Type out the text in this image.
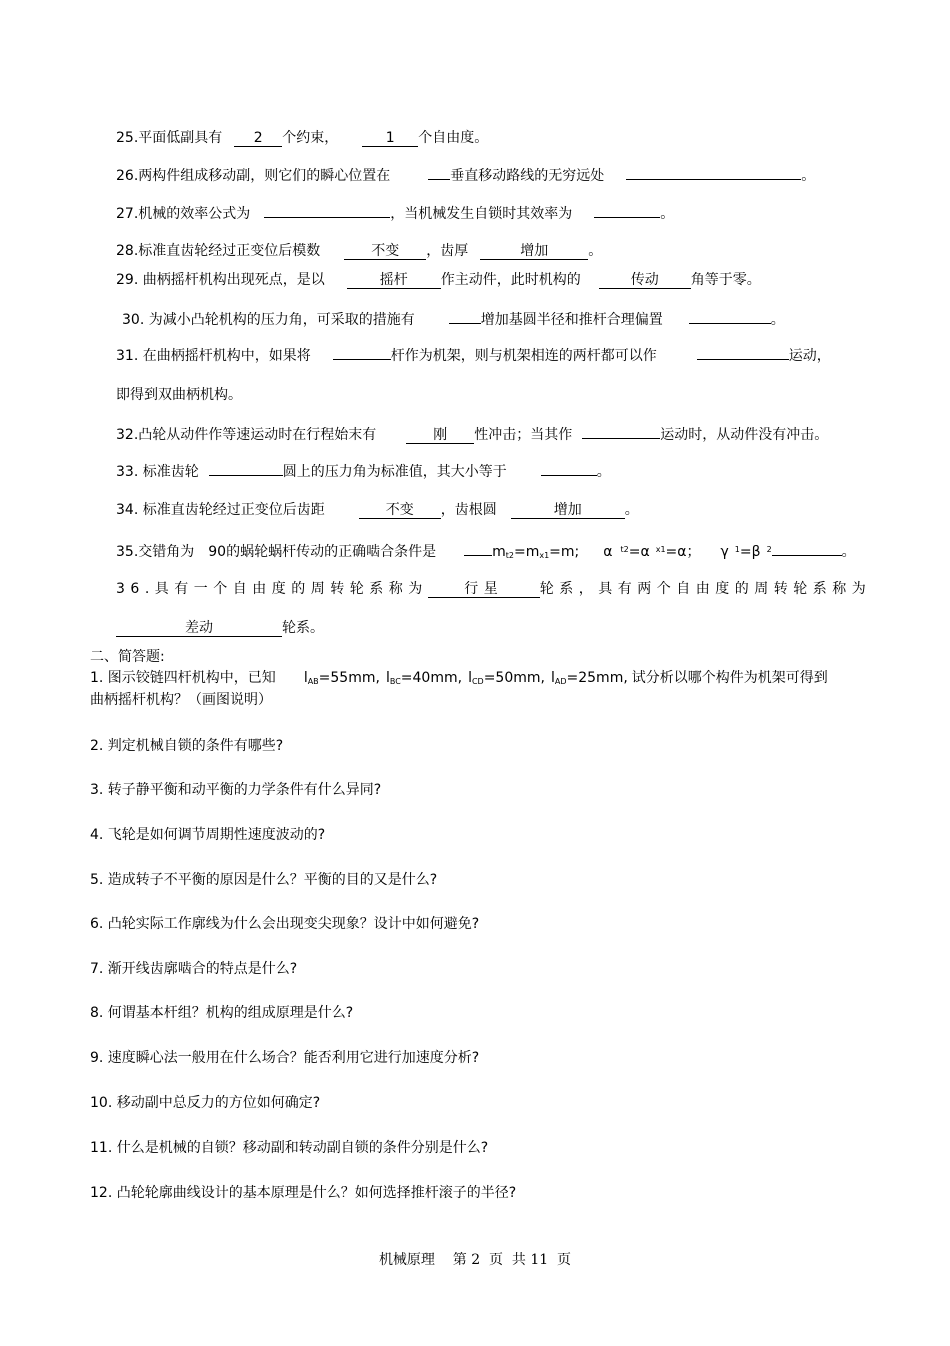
25.平面低副具有 2 个约束，	1 个自由度。
26.两构件组成移动副，则它们的瞬心位置在	垂直移动路线的无穷远处	。
27.机械的效率公式为	，当机械发生自锁时其效率为	。
28.标准直齿轮经过正变位后模数	不变 ，齿厚	增加	。
29. 曲柄摇杆机构出现死点，是以	摇杆 作主动件，此时机构的	传动 角等于零。
30. 为减小凸轮机构的压力角，可采取的措施有	增加基圆半径和推杆合理偏置	。
31. 在曲柄摇杆机构中，如果将	杆作为机架，则与机架相连的两杆都可以作	运动，
即得到双曲柄机构。
32.凸轮从动件作等速运动时在行程始末有	刚 性冲击；当其作	运动时，从动件没有冲击。
33. 标准齿轮	圆上的压力角为标准值，其大小等于	。
34. 标准直齿轮经过正变位后齿距	不变 ，齿根圆	增加	。
35.交错角为 90的蜗轮蜗杆传动的正确啮合条件是	$m_{t2}=m_{x1}=m$; α $^{t2}$=α $^{x1}$=α； γ $^1$=β $^2$	。
36.具有一个自由度的周转轮系称为	行星	轮系，具有两个自由度的周转轮系称为
差动	轮系。
二、简答题:
1. 图示铰链四杆机构中，已知 $l_{AB}=55mm$, $l_{BC}=40mm$, $l_{CD}=50mm$, $l_{AD}=25mm$, 试分析以哪个构件为机架可得到
曲柄摇杆机构？（画图说明）
2. 判定机械自锁的条件有哪些?
3. 转子静平衡和动平衡的力学条件有什么异同?
4. 飞轮是如何调节周期性速度波动的?
5. 造成转子不平衡的原因是什么？平衡的目的又是什么?
6. 凸轮实际工作廓线为什么会出现变尖现象？设计中如何避免?
7. 渐开线齿廓啮合的特点是什么?
8. 何谓基本杆组？机构的组成原理是什么?
9. 速度瞬心法一般用在什么场合？能否利用它进行加速度分析?
10. 移动副中总反力的方位如何确定?
11. 什么是机械的自锁？移动副和转动副自锁的条件分别是什么?
12. 凸轮轮廓曲线设计的基本原理是什么？如何选择推杆滚子的半径?
机械原理    第 2  页  共 11  页
